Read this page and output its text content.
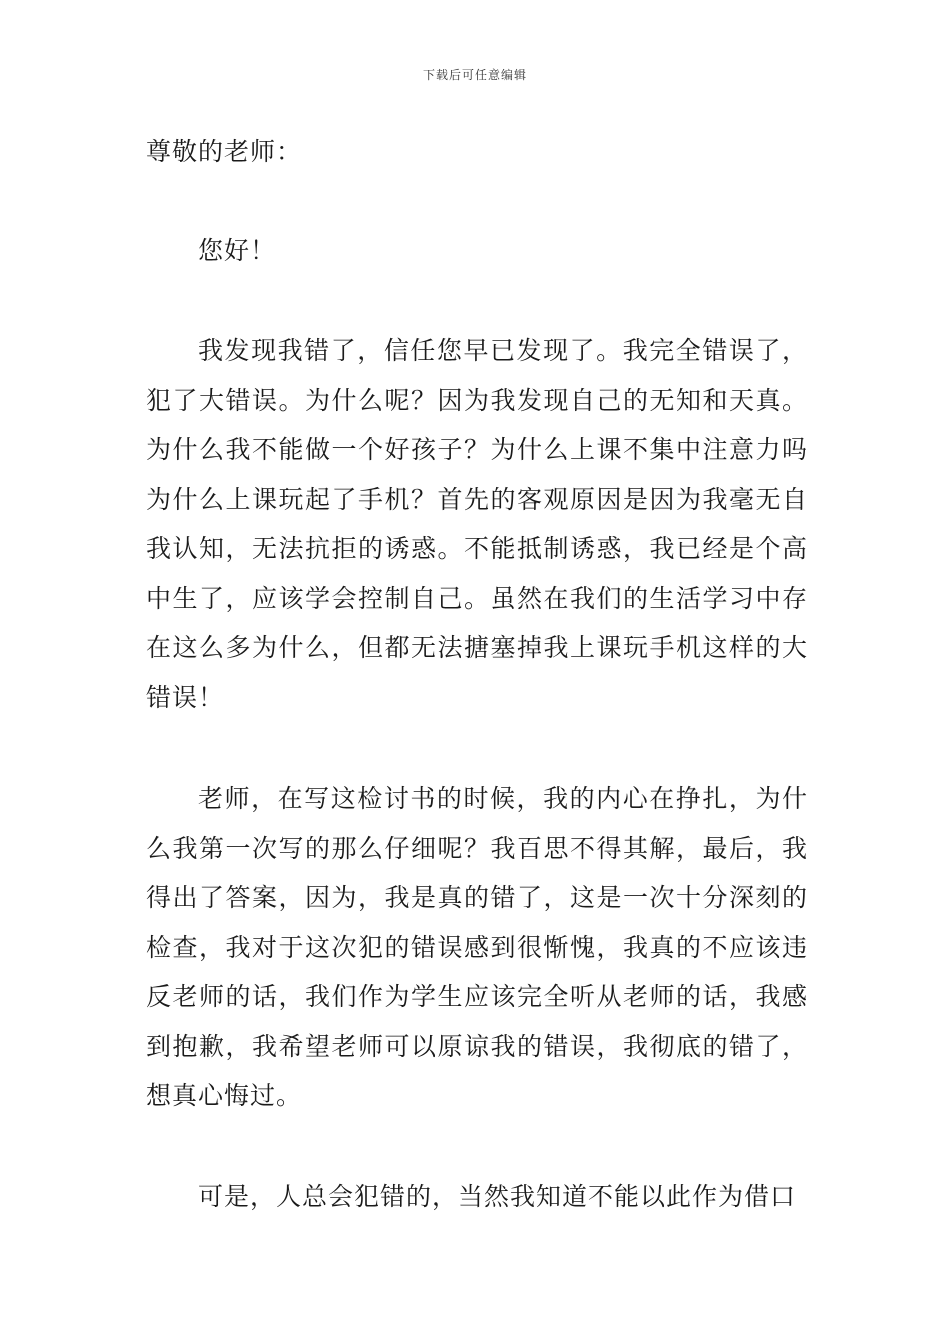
下载后可任意编辑
尊敬的老师：
您好！
我发现我错了，信任您早已发现了。我完全错误了，犯了大错误。为什么呢？因为我发现自己的无知和天真。为什么我不能做一个好孩子？为什么上课不集中注意力吗为什么上课玩起了手机？首先的客观原因是因为我毫无自我认知，无法抗拒的诱惑。不能抵制诱惑，我已经是个高中生了，应该学会控制自己。虽然在我们的生活学习中存在这么多为什么，但都无法搪塞掉我上课玩手机这样的大错误！
老师，在写这检讨书的时候，我的内心在挣扎，为什么我第一次写的那么仔细呢？我百思不得其解，最后，我得出了答案，因为，我是真的错了，这是一次十分深刻的检查，我对于这次犯的错误感到很惭愧，我真的不应该违反老师的话，我们作为学生应该完全听从老师的话，我感到抱歉，我希望老师可以原谅我的错误，我彻底的错了，想真心悔过。
可是，人总会犯错的，当然我知道不能以此作为借口
